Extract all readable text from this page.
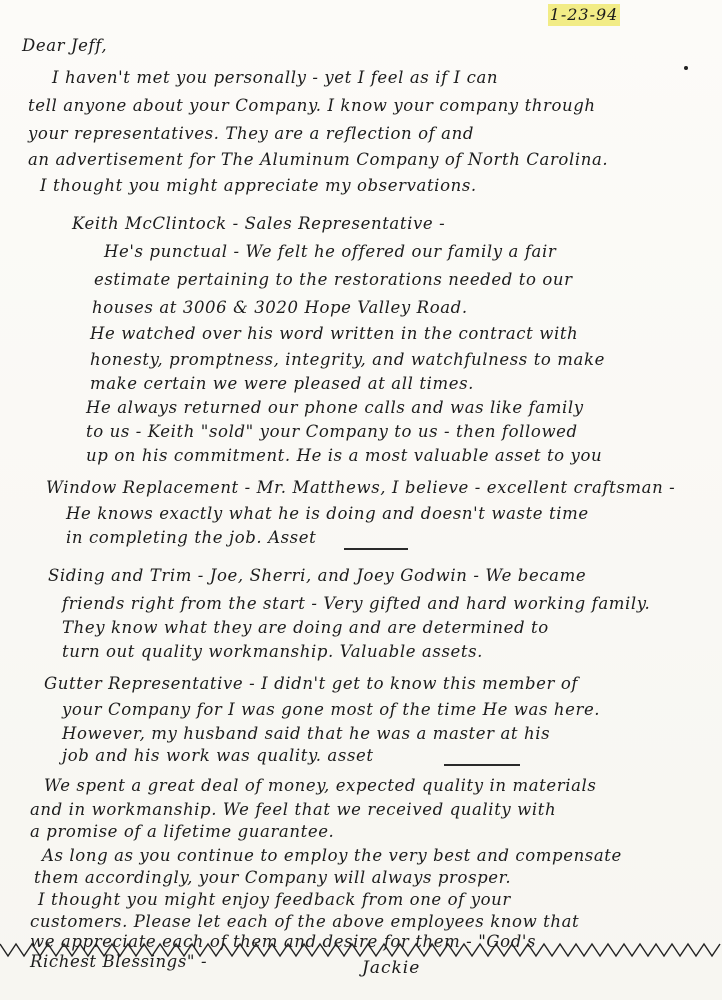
1-23-94
Dear Jeff,
I haven't met you personally - yet I feel as if I can
tell anyone about your Company. I know your company through
your representatives. They are a reflection of and
an advertisement for The Aluminum Company of North Carolina.
I thought you might appreciate my observations.
Keith McClintock - Sales Representative -
He's punctual - We felt he offered our family a fair
estimate pertaining to the restorations needed to our
houses at 3006 & 3020 Hope Valley Road.
He watched over his word written in the contract with
honesty, promptness, integrity, and watchfulness to make
make certain we were pleased at all times.
He always returned our phone calls and was like family
to us - Keith "sold" your Company to us - then followed
up on his commitment. He is a most valuable asset to you
Window Replacement - Mr. Matthews, I believe - excellent craftsman -
He knows exactly what he is doing and doesn't waste time
in completing the job. Asset
Siding and Trim - Joe, Sherri, and Joey Godwin - We became
friends right from the start - Very gifted and hard working family.
They know what they are doing and are determined to
turn out quality workmanship. Valuable assets.
Gutter Representative - I didn't get to know this member of
your Company for I was gone most of the time He was here.
However, my husband said that he was a master at his
job and his work was quality. asset
We spent a great deal of money, expected quality in materials
and in workmanship. We feel that we received quality with
a promise of a lifetime guarantee.
As long as you continue to employ the very best and compensate
them accordingly, your Company will always prosper.
I thought you might enjoy feedback from one of your
customers. Please let each of the above employees know that
we appreciate each of them and desire for them - "God's
Richest Blessings" -	Jackie
